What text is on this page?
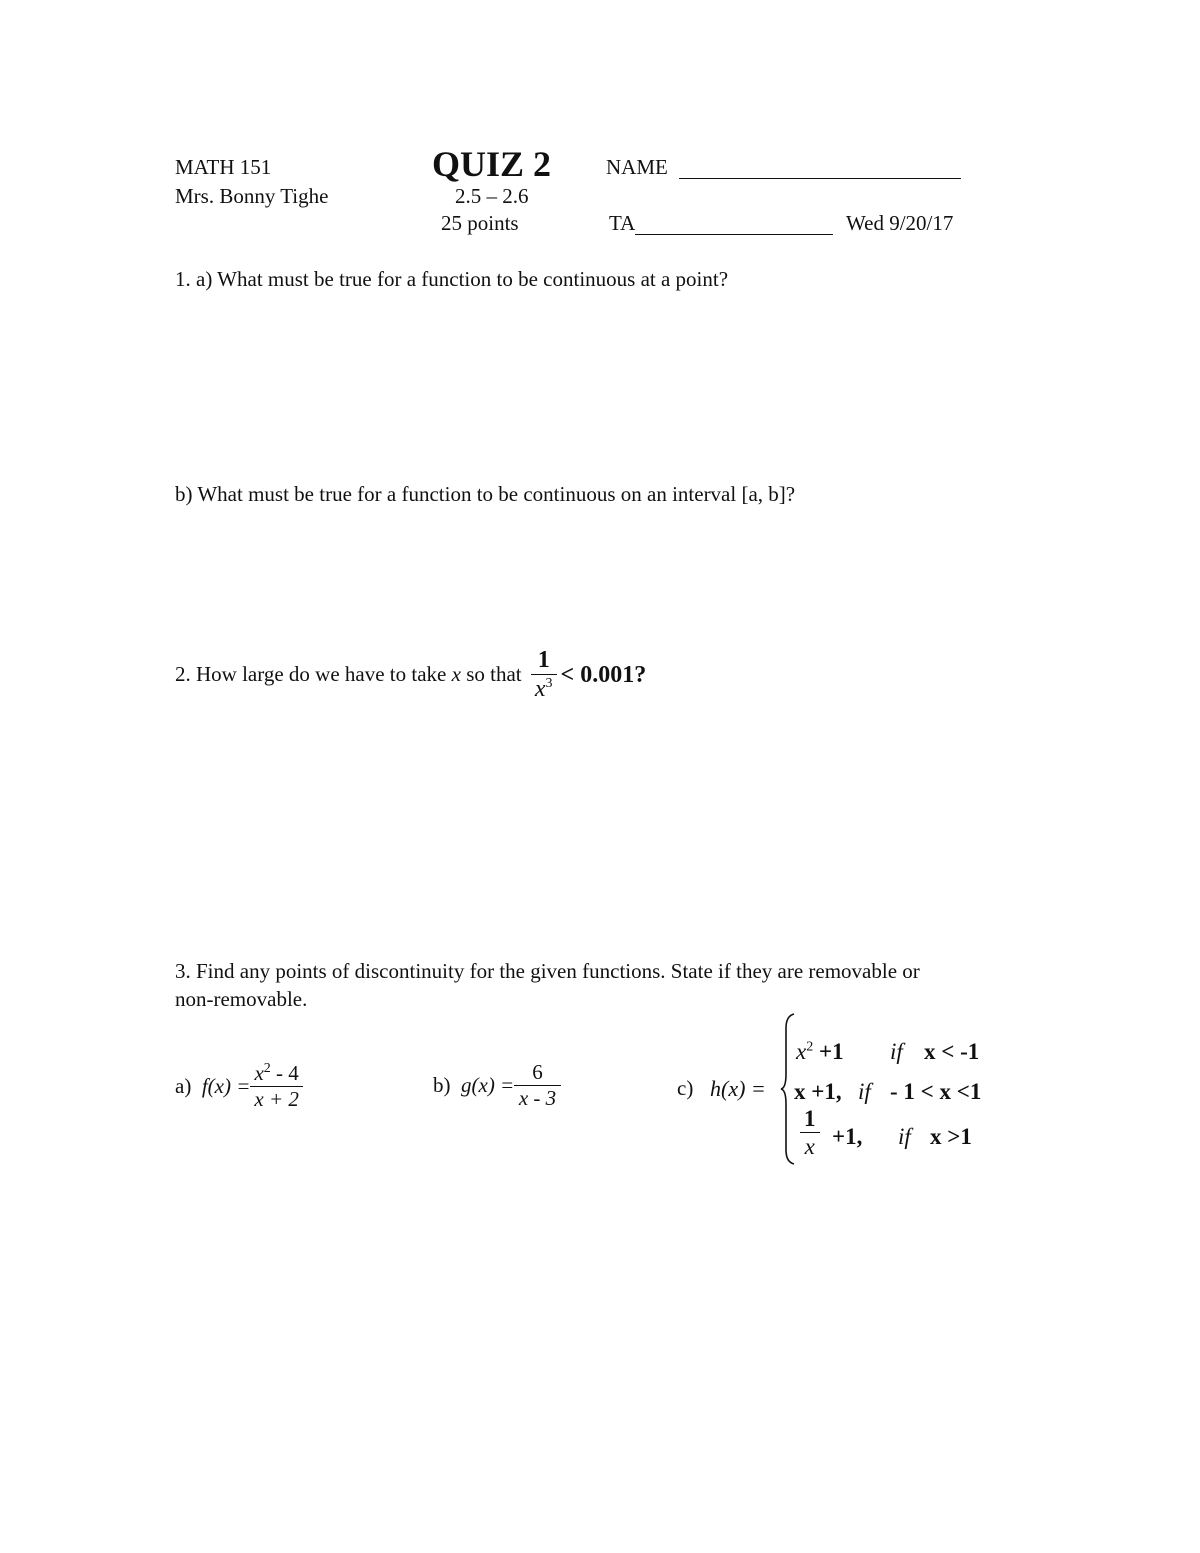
MATH 151
Mrs. Bonny Tighe
QUIZ 2
2.5 – 2.6
25 points
NAME
TA	Wed 9/20/17
1. a) What must be true for a function to be continuous at a point?
b) What must be true for a function to be continuous on an interval [a, b]?
2. How large do we have to take
x
so that
$\frac{1}{x^3} < 0.001$?
3. Find any points of discontinuity for the given functions. State if they are removable or
non-removable.
a)
$f(x) = \frac{x^2 - 4}{x + 2}$	b)
$g(x) = \frac{6}{x - 3}$	c) h(x) =
$x^2 +1$ if x < -1
x +1, if - 1 < x <1
$\frac{1}{x} +1$, if x >1
